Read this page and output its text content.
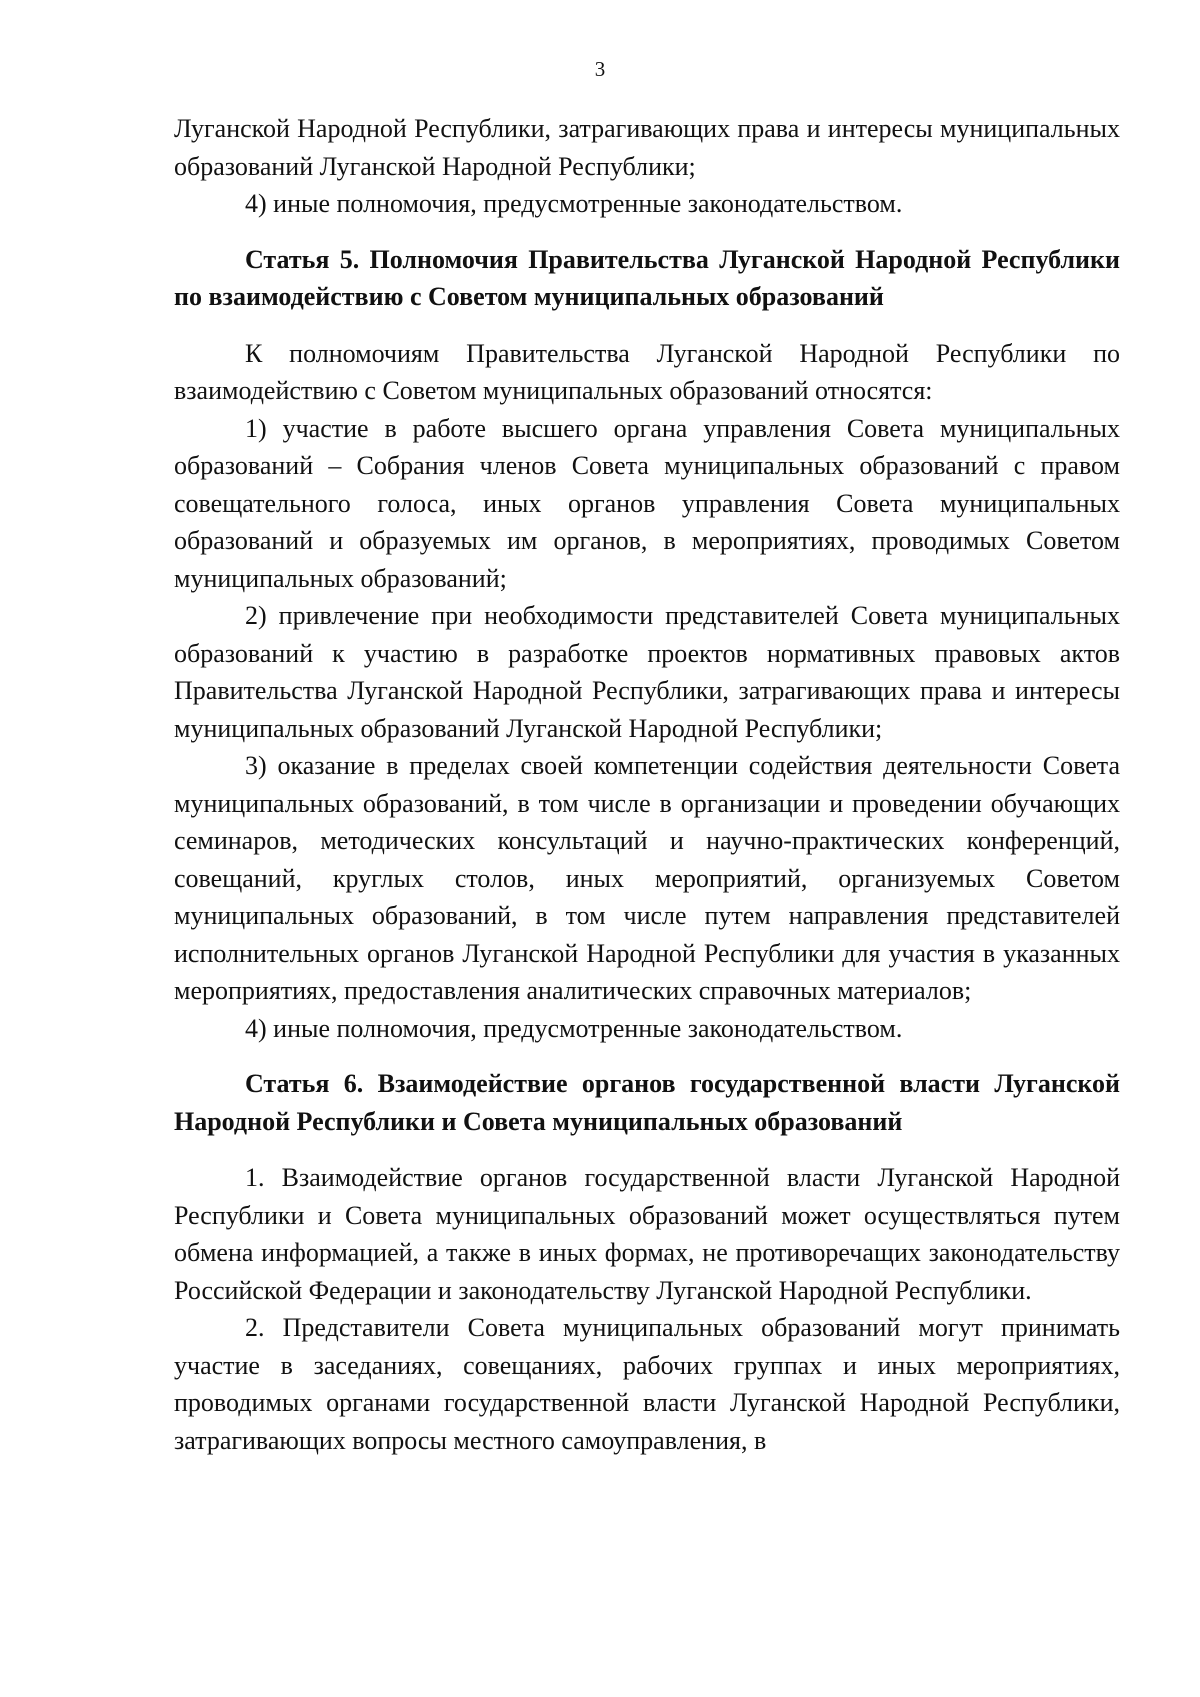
3

Луганской Народной Республики, затрагивающих права и интересы муниципальных образований Луганской Народной Республики;

4) иные полномочия, предусмотренные законодательством.

Статья 5. Полномочия Правительства Луганской Народной Республики по взаимодействию с Советом муниципальных образований

К полномочиям Правительства Луганской Народной Республики по взаимодействию с Советом муниципальных образований относятся:

1) участие в работе высшего органа управления Совета муниципальных образований – Собрания членов Совета муниципальных образований с правом совещательного голоса, иных органов управления Совета муниципальных образований и образуемых им органов, в мероприятиях, проводимых Советом муниципальных образований;

2) привлечение при необходимости представителей Совета муниципальных образований к участию в разработке проектов нормативных правовых актов Правительства Луганской Народной Республики, затрагивающих права и интересы муниципальных образований Луганской Народной Республики;

3) оказание в пределах своей компетенции содействия деятельности Совета муниципальных образований, в том числе в организации и проведении обучающих семинаров, методических консультаций и научно-практических конференций, совещаний, круглых столов, иных мероприятий, организуемых Советом муниципальных образований, в том числе путем направления представителей исполнительных органов Луганской Народной Республики для участия в указанных мероприятиях, предоставления аналитических справочных материалов;

4) иные полномочия, предусмотренные законодательством.

Статья 6. Взаимодействие органов государственной власти Луганской Народной Республики и Совета муниципальных образований

1. Взаимодействие органов государственной власти Луганской Народной Республики и Совета муниципальных образований может осуществляться путем обмена информацией, а также в иных формах, не противоречащих законодательству Российской Федерации и законодательству Луганской Народной Республики.

2. Представители Совета муниципальных образований могут принимать участие в заседаниях, совещаниях, рабочих группах и иных мероприятиях, проводимых органами государственной власти Луганской Народной Республики, затрагивающих вопросы местного самоуправления, в
